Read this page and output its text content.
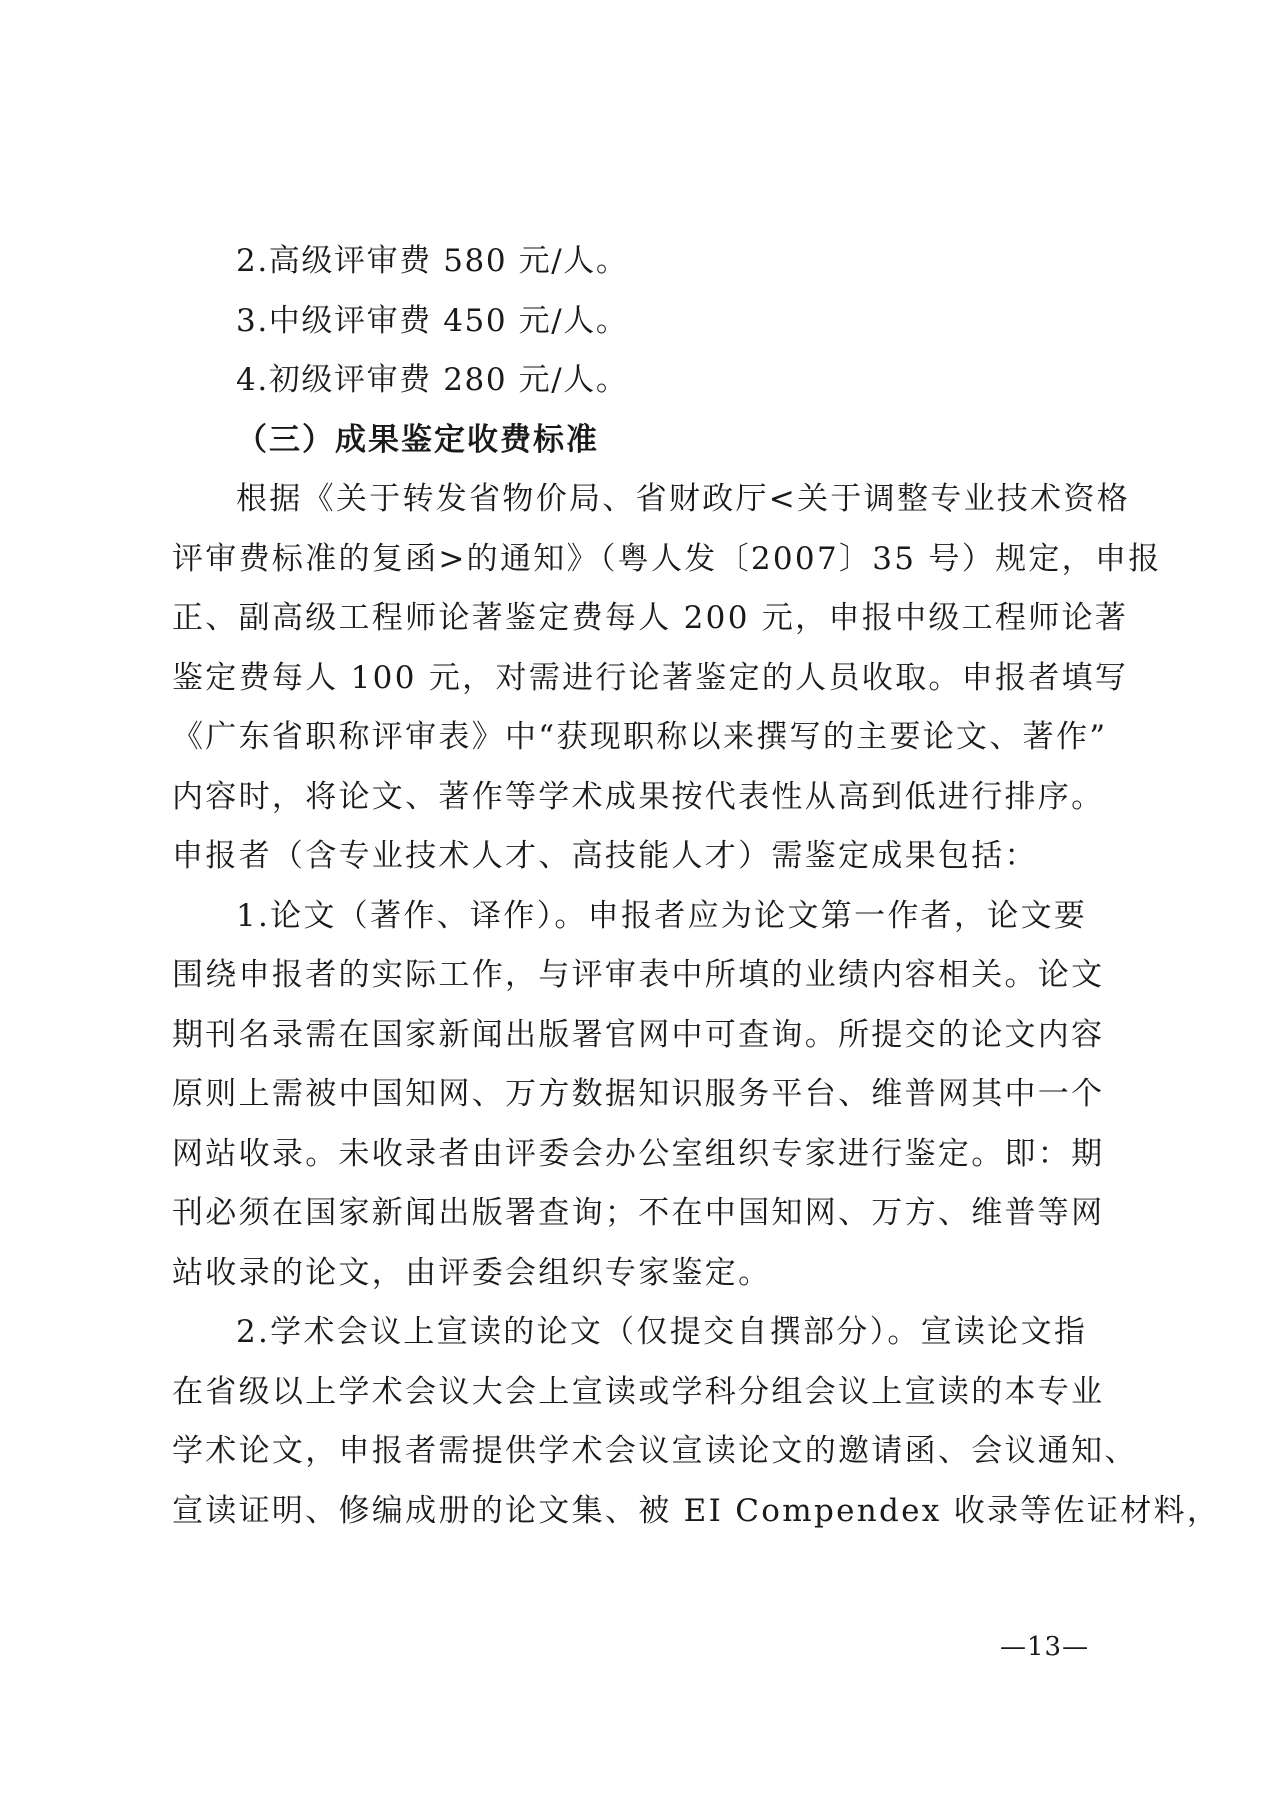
2.高级评审费 580 元/人。
3.中级评审费 450 元/人。
4.初级评审费 280 元/人。
（三）成果鉴定收费标准
根据《关于转发省物价局、省财政厅<关于调整专业技术资格
评审费标准的复函>的通知》（粤人发〔2007〕35 号）规定，申报
正、副高级工程师论著鉴定费每人 200 元，申报中级工程师论著
鉴定费每人 100 元，对需进行论著鉴定的人员收取。申报者填写
《广东省职称评审表》中“获现职称以来撰写的主要论文、著作”
内容时，将论文、著作等学术成果按代表性从高到低进行排序。
申报者（含专业技术人才、高技能人才）需鉴定成果包括：
1.论文（著作、译作）。申报者应为论文第一作者，论文要
围绕申报者的实际工作，与评审表中所填的业绩内容相关。论文
期刊名录需在国家新闻出版署官网中可查询。所提交的论文内容
原则上需被中国知网、万方数据知识服务平台、维普网其中一个
网站收录。未收录者由评委会办公室组织专家进行鉴定。即：期
刊必须在国家新闻出版署查询；不在中国知网、万方、维普等网
站收录的论文，由评委会组织专家鉴定。
2.学术会议上宣读的论文（仅提交自撰部分）。宣读论文指
在省级以上学术会议大会上宣读或学科分组会议上宣读的本专业
学术论文，申报者需提供学术会议宣读论文的邀请函、会议通知、
宣读证明、修编成册的论文集、被 EI Compendex 收录等佐证材料，
—13—
